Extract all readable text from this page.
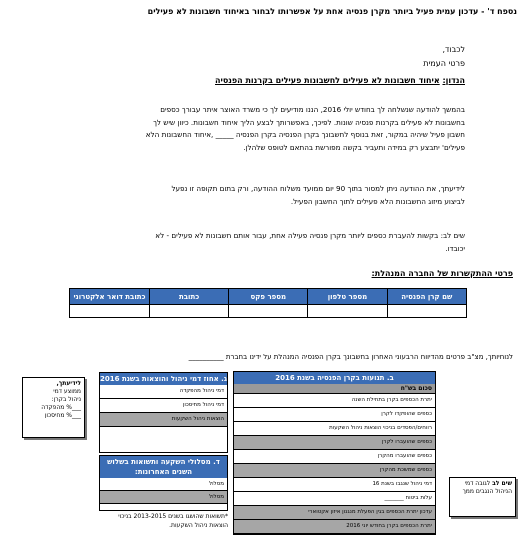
נספח ד' - עדכון עמית פעיל ביותר מקרן פנסיה אחת על אפשרותו לבחור באיחוד חשבונות לא פעילים
לכבוד,
פרטי העמית
הנדון: איחוד חשבונות לא פעילים לחשבונות פעילים בקרנות הפנסיה
בהמשך להודעה שנשלחה לך בחודש יולי 2016, הננו מודיעים לך כי משרד האוצר איתר עבורך כספים
בחשבונות לא פעילים בקרנות פנסיה שונות. לפיכך, באפשרותך לבצע הליך איחוד חשבונות. כיוון שיש לך
חשבון פעיל שיהיה במקור, זאת בנוסף לחשבונך בקרן הפנסיה בקרן הפנסיה _____ ,איחוד החשבונות הלא
פעילים' יתבצע רק במידה ותעביר בקשה מפורשת בהתאם לטופס שלהלן.
לידיעתך, את ההודעה ניתן למסור בתוך 90 יום ממועד משלוח ההודעה, ורק בתום תקופה זו נפעל
לביצוע מיזוג החשבונות הלא פעילים לתוך החשבון הפעיל.
שים לב: בקשות להעברת כספים ליותר מקרן פנסיה פעילה אחת, עבור אותם חשבונות לא פעילים - לא
יכובדו.
פרטי ההתקשרות של החברה המנהלת:
שם קרן הפנסיה	מספר טלפון	מספר פקס	כתובת	כתובת דואר אלקטרוני

לנוחיותך, מצ"ב פרטים מהדיווח הרבעוני האחרון בחשבונך בקרן הפנסיה המנהלת על ידינו בחברת __________
ב. תנועות בקרן הפנסיה בשנת 2016
סכום בש"ח
יתרת הכספים בקרן בתחילת השנה
כספים שהופקדו לקרן
רווחים/הפסדים בניכוי הוצאות ניהול השקעות
כספים שהועברו לקרן
כספים שהועברו מהקרן
כספים שמשכת מהקרן
דמי ניהול שנגבו בשנת 16
עלות ביטוח _______
עדכון יתרת הכספים בגין הפעלת מנגנון איזון אקטוארי
יתרת הכספים בקרן בחודש יוני 2016
ג. אחוז דמי ניהול והוצאות בשנת 2016
דמי ניהול מהפקדה
דמי ניהול מחיסכון
הוצאות ניהול השקעות
ד. מסלולי השקעה ותשואות בשלוש השנים האחרונות:
מסלול
מסלול
*תשואות שהושגו בשנים 2013-2015 בניכוי הוצאות ניהול השקעות.
לידיעתך,
ממוצע דמי
ניהול בקרן:
___% מהפקדה
___% מחיסכון
שים לב לגובה דמי הניהול הנגבים ממך
